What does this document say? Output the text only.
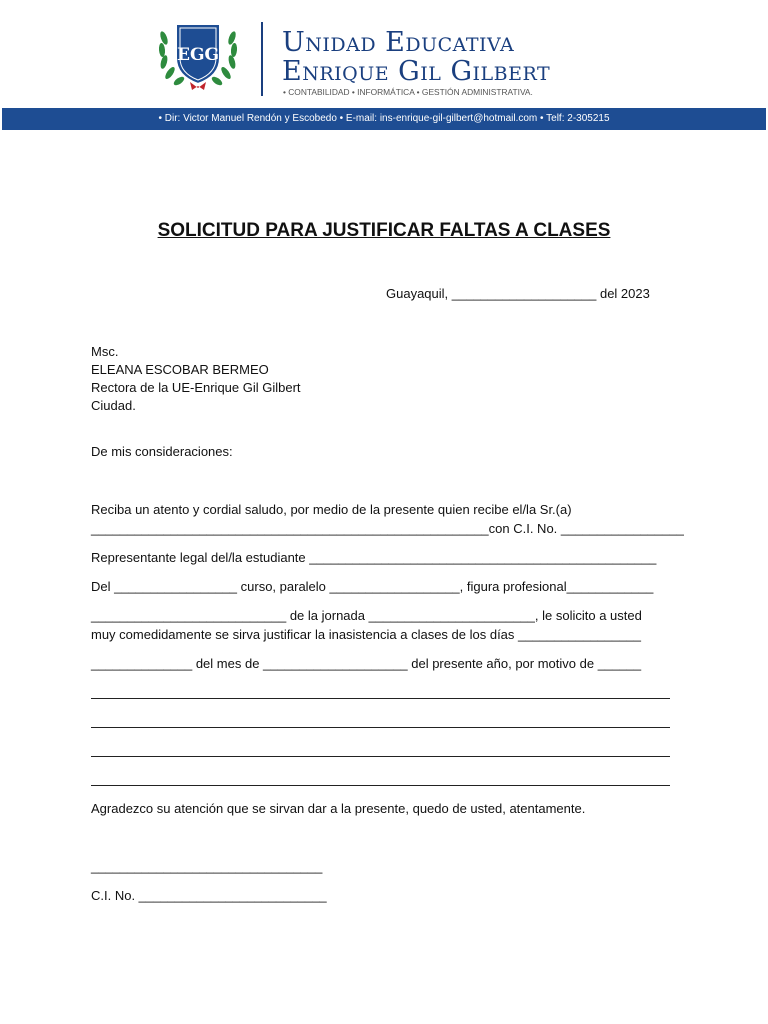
EGG Unidad Educativa
Enrique Gil Gilbert
• CONTABILIDAD • INFORMÁTICA • GESTIÓN ADMINISTRATIVA.
• Dir: Victor Manuel Rendón y Escobedo • E-mail: ins-enrique-gil-gilbert@hotmail.com • Telf: 2-305215
SOLICITUD PARA JUSTIFICAR FALTAS A CLASES
Guayaquil, ____________________ del 2023
Msc.
ELEANA ESCOBAR BERMEO
Rectora de la UE-Enrique Gil Gilbert
Ciudad.
De mis consideraciones:
Reciba un atento y cordial saludo, por medio de la presente quien recibe el/la Sr.(a)
_______________________________________________________con C.I. No. _________________
Representante legal del/la estudiante ________________________________________________
Del _________________ curso, paralelo __________________, figura profesional____________
___________________________ de la jornada _______________________, le solicito a usted
muy comedidamente se sirva justificar la inasistencia a clases de los días _________________
______________ del mes de ____________________ del presente año, por motivo de ______
Agradezco su atención que se sirvan dar a la presente, quedo de usted, atentamente.
________________________________
C.I. No. __________________________
